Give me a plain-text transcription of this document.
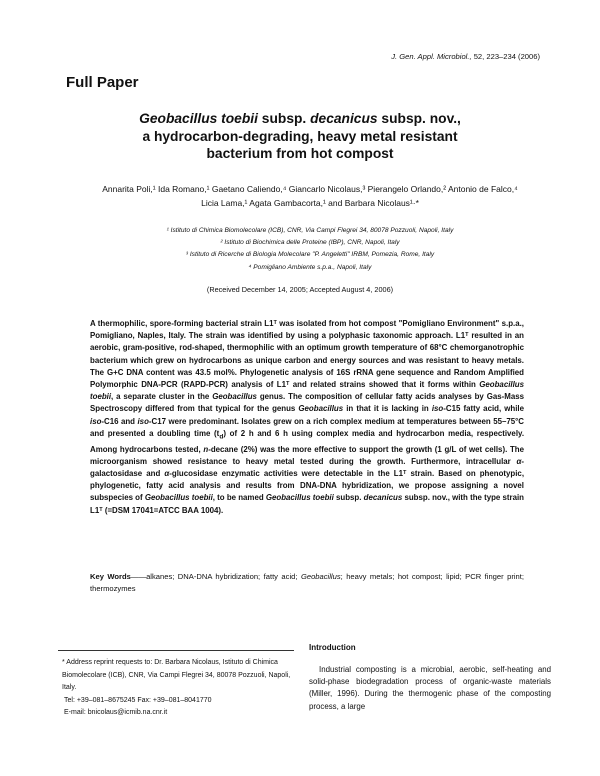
J. Gen. Appl. Microbiol., 52, 223–234 (2006)
Full Paper
Geobacillus toebii subsp. decanicus subsp. nov.,
a hydrocarbon-degrading, heavy metal resistant
bacterium from hot compost
Annarita Poli,¹ Ida Romano,¹ Gaetano Caliendo,⁴ Giancarlo Nicolaus,³ Pierangelo Orlando,² Antonio de Falco,⁴
Licia Lama,¹ Agata Gambacorta,¹ and Barbara Nicolaus¹·*
¹ Istituto di Chimica Biomolecolare (ICB), CNR, Via Campi Flegrei 34, 80078 Pozzuoli, Napoli, Italy
² Istituto di Biochimica delle Proteine (IBP), CNR, Napoli, Italy
³ Istituto di Ricerche di Biologia Molecolare "P. Angeletti" IRBM, Pomezia, Rome, Italy
⁴ Pomigliano Ambiente s.p.a., Napoli, Italy
(Received December 14, 2005; Accepted August 4, 2006)

A thermophilic, spore-forming bacterial strain L1ᵀ was isolated from hot compost "Pomigliano Environment" s.p.a., Pomigliano, Naples, Italy. The strain was identified by using a polyphasic taxonomic approach. L1ᵀ resulted in an aerobic, gram-positive, rod-shaped, thermophilic with an optimum growth temperature of 68°C chemorganotrophic bacterium which grew on hydrocarbons as unique carbon and energy sources and was resistant to heavy metals. The G+C DNA content was 43.5 mol%. Phylogenetic analysis of 16S rRNA gene sequence and Random Amplified Polymorphic DNA-PCR (RAPD-PCR) analysis of L1ᵀ and related strains showed that it forms within Geobacillus toebii, a separate cluster in the Geobacillus genus. The composition of cellular fatty acids analyses by Gas-Mass Spectroscopy differed from that typical for the genus Geobacillus in that it is lacking in iso-C15 fatty acid, while iso-C16 and iso-C17 were predominant. Isolates grew on a rich complex medium at temperatures between 55–75°C and presented a doubling time $(t_d)$ of 2 h and 6 h using complex media and hydrocarbon media, respectively. Among hydrocarbons tested, n-decane (2%) was the more effective to support the growth (1 g/L of wet cells). The microorganism showed resistance to heavy metal tested during the growth. Furthermore, intracellular α-galactosidase and α-glucosidase enzymatic activities were detectable in the L1ᵀ strain. Based on phenotypic, phylogenetic, fatty acid analysis and results from DNA-DNA hybridization, we propose assigning a novel subspecies of Geobacillus toebii, to be named Geobacillus toebii subsp. decanicus subsp. nov., with the type strain L1ᵀ (=DSM 17041=ATCC BAA 1004).

Key Words——alkanes; DNA-DNA hybridization; fatty acid; Geobacillus; heavy metals; hot compost; lipid; PCR finger print; thermozymes
* Address reprint requests to: Dr. Barbara Nicolaus, Istituto di Chimica Biomolecolare (ICB), CNR, Via Campi Flegrei 34, 80078 Pozzuoli, Napoli, Italy.
Tel: +39–081–8675245 Fax: +39–081–8041770
E-mail: bnicolaus@icmib.na.cnr.it
Introduction
Industrial composting is a microbial, aerobic, self-heating and solid-phase biodegradation process of organic-waste materials (Miller, 1996). During the thermogenic phase of the composting process, a large
